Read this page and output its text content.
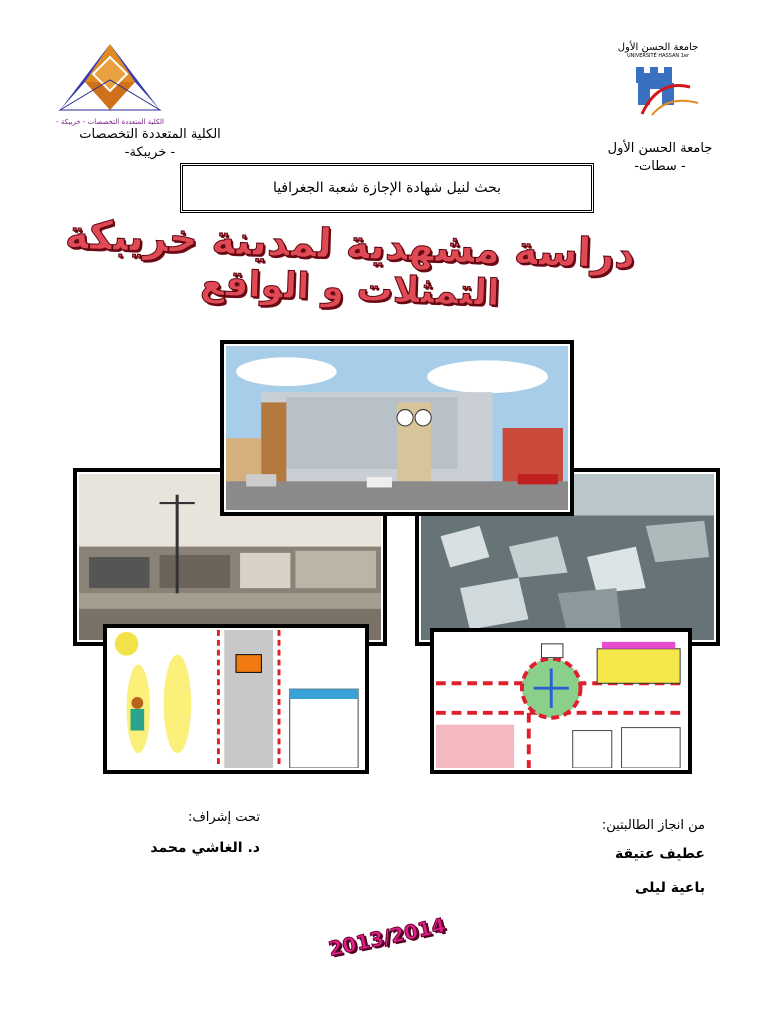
الكلية المتعددة التخصصات - خريبكة -
جامعة الحسن الأول
UNIVERSITÉ HASSAN 1er
الكلية المتعددة التخصصات
- خريبكة-	جامعة الحسن الأول
- سطات-
بحث لنيل شهادة الإجازة شعبة الجغرافيا
دراسة مشهدية لمدينة خريبكة
التمثلات و الواقع
تحت إشراف:
د. الغاشي محمد
من انجاز الطالبتين:
عطيف عتيقة
باعية ليلى
2013/2014
